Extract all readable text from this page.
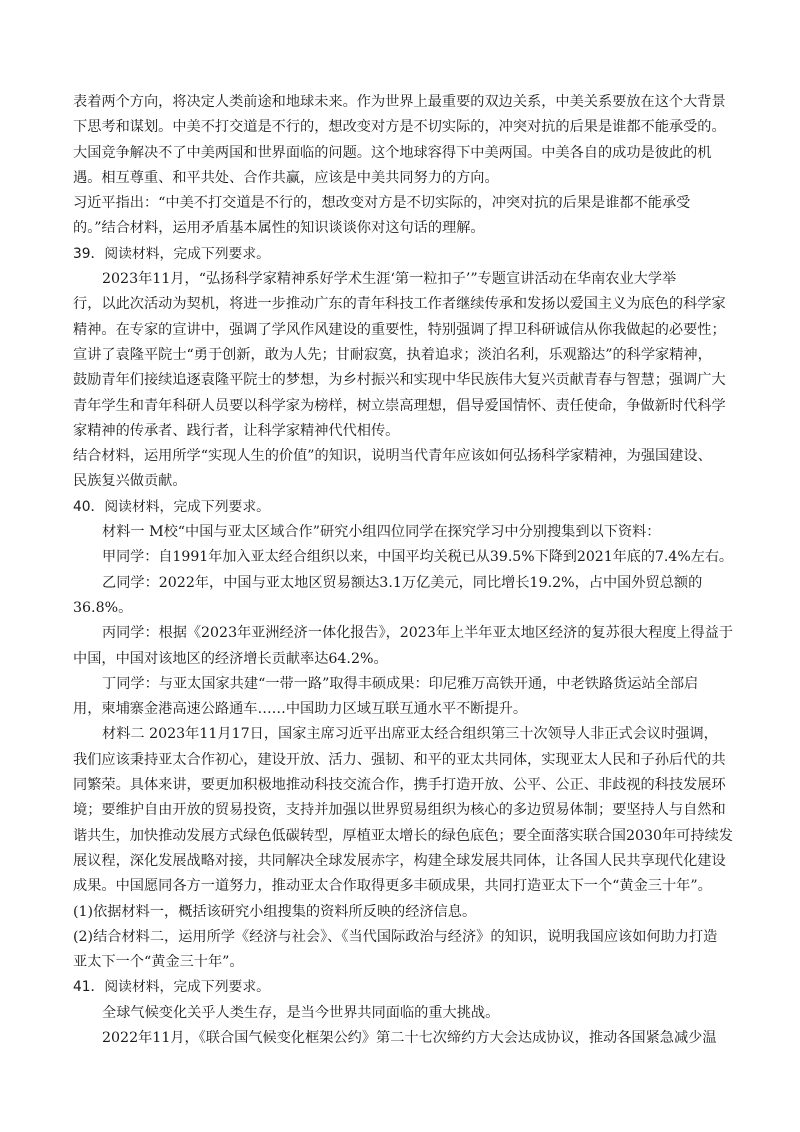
表着两个方向，将决定人类前途和地球未来。作为世界上最重要的双边关系，中美关系要放在这个大背景
下思考和谋划。中美不打交道是不行的，想改变对方是不切实际的，冲突对抗的后果是谁都不能承受的。
大国竞争解决不了中美两国和世界面临的问题。这个地球容得下中美两国。中美各自的成功是彼此的机
遇。相互尊重、和平共处、合作共赢，应该是中美共同努力的方向。
习近平指出：“中美不打交道是不行的，想改变对方是不切实际的，冲突对抗的后果是谁都不能承受
的。”结合材料，运用矛盾基本属性的知识谈谈你对这句话的理解。
39．阅读材料，完成下列要求。
2023年11月，“弘扬科学家精神系好学术生涯‘第一粒扣子’”专题宣讲活动在华南农业大学举
行，以此次活动为契机，将进一步推动广东的青年科技工作者继续传承和发扬以爱国主义为底色的科学家
精神。在专家的宣讲中，强调了学风作风建设的重要性，特别强调了捍卫科研诚信从你我做起的必要性；
宣讲了袁隆平院士“勇于创新，敢为人先；甘耐寂寞，执着追求；淡泊名利，乐观豁达”的科学家精神，
鼓励青年们接续追逐袁隆平院士的梦想，为乡村振兴和实现中华民族伟大复兴贡献青春与智慧；强调广大
青年学生和青年科研人员要以科学家为榜样，树立崇高理想，倡导爱国情怀、责任使命，争做新时代科学
家精神的传承者、践行者，让科学家精神代代相传。
结合材料，运用所学“实现人生的价值”的知识，说明当代青年应该如何弘扬科学家精神，为强国建设、
民族复兴做贡献。
40．阅读材料，完成下列要求。
材料一 M校“中国与亚太区域合作”研究小组四位同学在探究学习中分别搜集到以下资料：
甲同学：自1991年加入亚太经合组织以来，中国平均关税已从39.5%下降到2021年底的7.4%左右。
乙同学：2022年，中国与亚太地区贸易额达3.1万亿美元，同比增长19.2%，占中国外贸总额的
36.8%。
丙同学：根据《2023年亚洲经济一体化报告》，2023年上半年亚太地区经济的复苏很大程度上得益于
中国，中国对该地区的经济增长贡献率达64.2%。
丁同学：与亚太国家共建“一带一路”取得丰硕成果：印尼雅万高铁开通，中老铁路货运站全部启
用，柬埔寨金港高速公路通车……中国助力区域互联互通水平不断提升。
材料二 2023年11月17日，国家主席习近平出席亚太经合组织第三十次领导人非正式会议时强调，
我们应该秉持亚太合作初心，建设开放、活力、强韧、和平的亚太共同体，实现亚太人民和子孙后代的共
同繁荣。具体来讲，要更加积极地推动科技交流合作，携手打造开放、公平、公正、非歧视的科技发展环
境；要维护自由开放的贸易投资，支持并加强以世界贸易组织为核心的多边贸易体制；要坚持人与自然和
谐共生，加快推动发展方式绿色低碳转型，厚植亚太增长的绿色底色；要全面落实联合国2030年可持续发
展议程，深化发展战略对接，共同解决全球发展赤字，构建全球发展共同体，让各国人民共享现代化建设
成果。中国愿同各方一道努力，推动亚太合作取得更多丰硕成果，共同打造亚太下一个“黄金三十年”。
(1)依据材料一，概括该研究小组搜集的资料所反映的经济信息。
(2)结合材料二，运用所学《经济与社会》、《当代国际政治与经济》的知识，说明我国应该如何助力打造
亚太下一个“黄金三十年”。
41．阅读材料，完成下列要求。
全球气候变化关乎人类生存，是当今世界共同面临的重大挑战。
2022年11月，《联合国气候变化框架公约》第二十七次缔约方大会达成协议，推动各国紧急减少温
